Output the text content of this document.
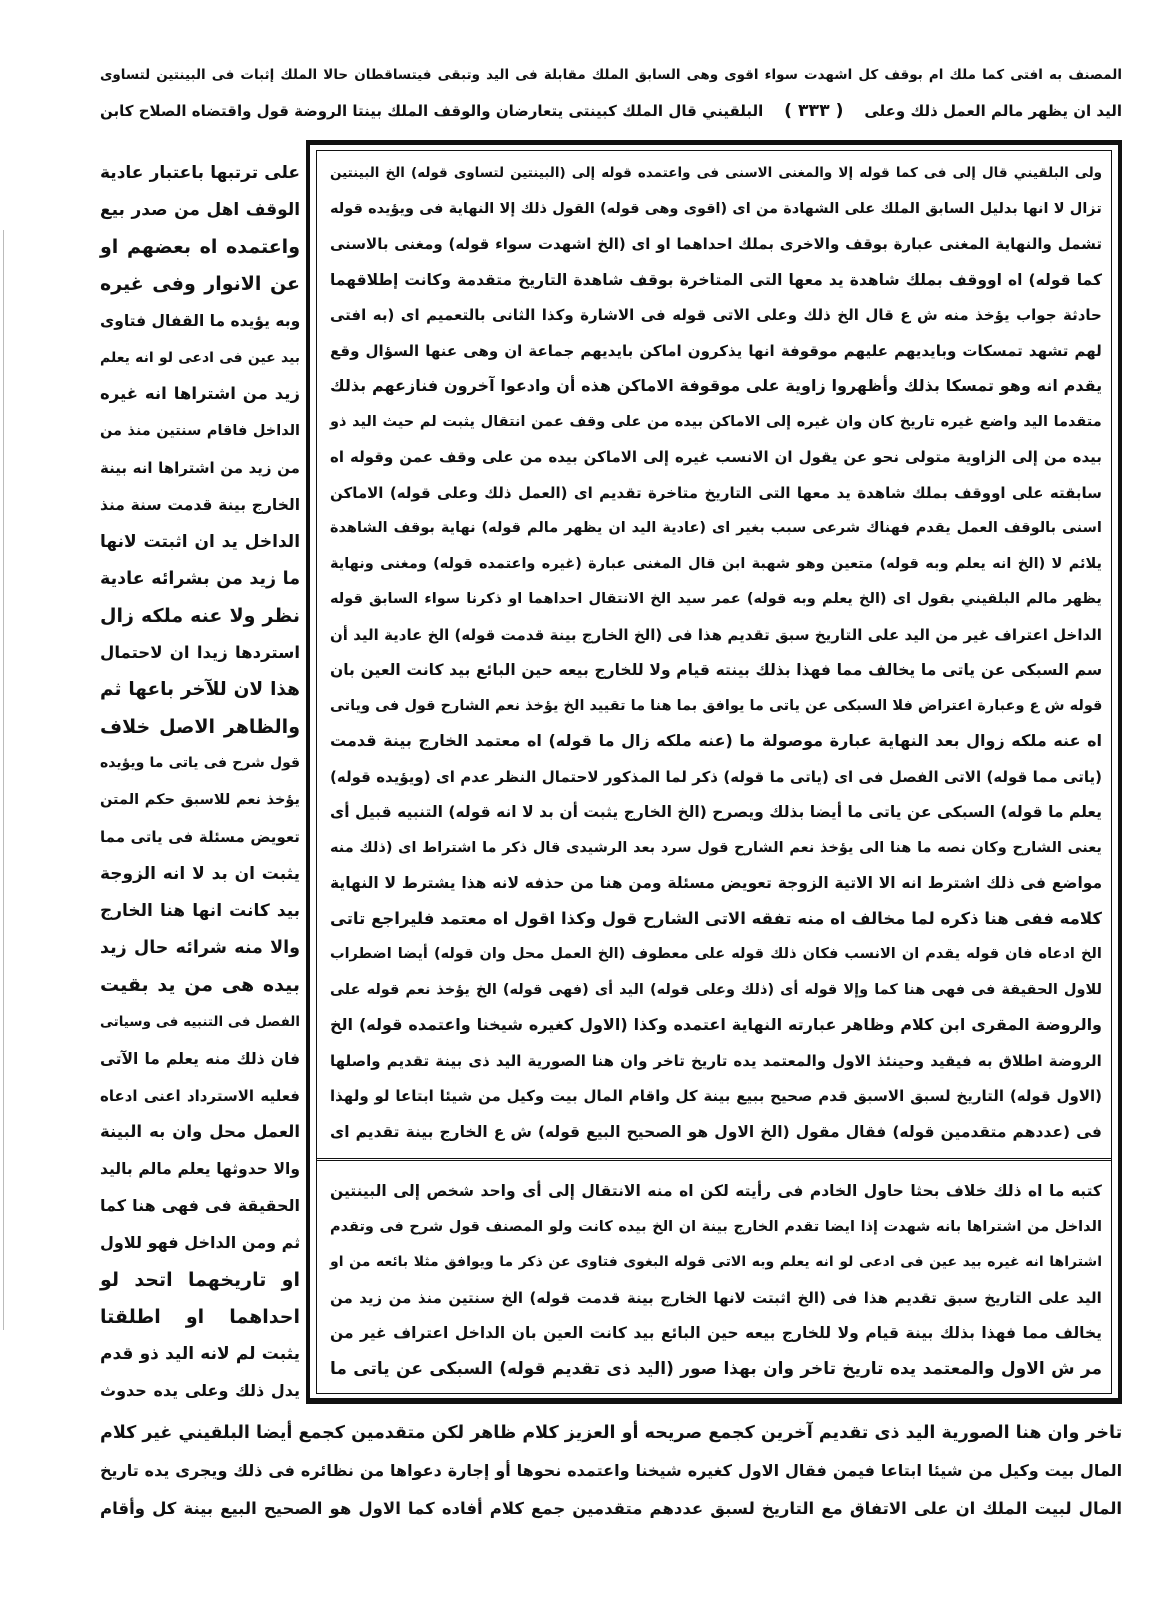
لتساوى‎ ‎البينتين‎ ‎فى‎ ‎إثبات‎ ‎الملك‎ ‎حالا‎ ‎فيتساقطان‎ ‎وتبقى‎ ‎اليد‎ ‎فى‎ ‎مقابلة‎ ‎الملك‎ ‎السابق‎ ‎وهى‎ ‎اقوى‎ ‎سواء‎ ‎اشهدت‎ ‎كل‎ ‎بوقف‎ ‎ام‎ ‎ملك‎ ‎كما‎ ‎افتى‎ ‎به‎ ‎المصنف
كابن‎ ‎الصلاح‎ ‎واقتضاه‎ ‎قول‎ ‎الروضة‎ ‎بينتا‎ ‎الملك‎ ‎والوقف‎ ‎يتعارضان‎ ‎كبينتى‎ ‎الملك‎ ‎قال‎ ‎البلقيني	( ٣٣٣ )	وعلى‎ ‎ذلك‎ ‎العمل‎ ‎مالم‎ ‎يظهر‎ ‎ان‎ ‎اليد
عادية‎ ‎باعتبار‎ ‎ترتبها‎ ‎على
بيع‎ ‎صدر‎ ‎من‎ ‎اهل‎ ‎الوقف
او‎ ‎بعضهم‎ ‎اه‎ ‎واعتمده
غيره‎ ‎وفى‎ ‎الانوار‎ ‎عن
فتاوى‎ ‎القفال‎ ‎ما‎ ‎يؤيده‎ ‎وبه
يعلم‎ ‎انه‎ ‎لو‎ ‎ادعى‎ ‎فى‎ ‎عين‎ ‎بيد
غيره‎ ‎انه‎ ‎اشتراها‎ ‎من‎ ‎زيد
من‎ ‎منذ‎ ‎سنتين‎ ‎فاقام‎ ‎الداخل
بينة‎ ‎انه‎ ‎اشتراها‎ ‎من‎ ‎زيد‎ ‎من
منذ‎ ‎سنة‎ ‎قدمت‎ ‎بينة‎ ‎الخارج
لانها‎ ‎اثبتت‎ ‎ان‎ ‎يد‎ ‎الداخل
عادية‎ ‎بشرائه‎ ‎من‎ ‎زيد‎ ‎ما
زال‎ ‎ملكه‎ ‎عنه‎ ‎ولا‎ ‎نظر
لاحتمال‎ ‎ان‎ ‎زيدا‎ ‎استردها
ثم‎ ‎باعها‎ ‎للآخر‎ ‎لان‎ ‎هذا
خلاف‎ ‎الاصل‎ ‎والظاهر
ويؤيده‎ ‎ما‎ ‎ياتى‎ ‎فى‎ ‎شرح‎ ‎قول
المتن‎ ‎حكم‎ ‎للاسبق‎ ‎نعم‎ ‎يؤخذ
مما‎ ‎ياتى‎ ‎فى‎ ‎مسئلة‎ ‎تعويض
الزوجة‎ ‎انه‎ ‎لا‎ ‎بد‎ ‎ان‎ ‎يثبت
الخارج‎ ‎هنا‎ ‎انها‎ ‎كانت‎ ‎بيد
زيد‎ ‎حال‎ ‎شرائه‎ ‎منه‎ ‎والا
بقيت‎ ‎يد‎ ‎من‎ ‎هى‎ ‎بيده
وسياتى‎ ‎فى‎ ‎التنبيه‎ ‎فى‎ ‎الفصل
الآتى‎ ‎ما‎ ‎يعلم‎ ‎منه‎ ‎ذلك‎ ‎فان
ادعاه‎ ‎اعنى‎ ‎الاسترداد‎ ‎فعليه
البينة‎ ‎به‎ ‎وان‎ ‎محل‎ ‎العمل
باليد‎ ‎مالم‎ ‎يعلم‎ ‎حدوثها‎ ‎والا
كما‎ ‎هنا‎ ‎فهى‎ ‎فى‎ ‎الحقيقة
للاول‎ ‎فهو‎ ‎الداخل‎ ‎ومن‎ ‎ثم
لو‎ ‎اتحد‎ ‎تاريخهما‎ ‎او
اطلقتا‎ ‎او‎ ‎احداهما
قدم‎ ‎ذو‎ ‎اليد‎ ‎لانه‎ ‎لم‎ ‎يثبت
حدوث‎ ‎يده‎ ‎وعلى‎ ‎ذلك‎ ‎يدل
البينتين‎ ‎الخ‎ ‎(قوله‎ ‎لتساوى‎ ‎البينتين)‎ ‎إلى‎ ‎قوله‎ ‎واعتمده‎ ‎فى‎ ‎الاسنى‎ ‎والمغنى‎ ‎إلا‎ ‎قوله‎ ‎كما‎ ‎فى‎ ‎إلى‎ ‎قال‎ ‎البلقيني‎ ‎ولى
قوله‎ ‎ويؤيده‎ ‎فى‎ ‎النهاية‎ ‎إلا‎ ‎ذلك‎ ‎القول‎ ‎(قوله‎ ‎وهى‎ ‎اقوى)‎ ‎اى‎ ‎من‎ ‎الشهادة‎ ‎على‎ ‎الملك‎ ‎السابق‎ ‎بدليل‎ ‎انها‎ ‎لا‎ ‎تزال
بالاسنى‎ ‎ومغنى‎ ‎(قوله‎ ‎سواء‎ ‎اشهدت‎ ‎الخ)‎ ‎اى‎ ‎او‎ ‎احداهما‎ ‎بملك‎ ‎والاخرى‎ ‎بوقف‎ ‎عبارة‎ ‎المغنى‎ ‎والنهاية‎ ‎تشمل
إطلاقهما‎ ‎وكانت‎ ‎متقدمة‎ ‎التاريخ‎ ‎شاهدة‎ ‎بوقف‎ ‎المتاخرة‎ ‎التى‎ ‎معها‎ ‎يد‎ ‎شاهدة‎ ‎بملك‎ ‎اووقف‎ ‎اه‎ ‎(قوله‎ ‎كما
افتى‎ ‎به)‎ ‎اى‎ ‎بالتعميم‎ ‎الثانى‎ ‎وكذا‎ ‎الاشارة‎ ‎فى‎ ‎قوله‎ ‎الاتى‎ ‎وعلى‎ ‎ذلك‎ ‎الخ‎ ‎قال‎ ‎ع‎ ‎ش‎ ‎منه‎ ‎يؤخذ‎ ‎جواب‎ ‎حادثة
وقع‎ ‎السؤال‎ ‎عنها‎ ‎وهى‎ ‎ان‎ ‎جماعة‎ ‎بايديهم‎ ‎اماكن‎ ‎يذكرون‎ ‎انها‎ ‎موقوفة‎ ‎عليهم‎ ‎وبايديهم‎ ‎تمسكات‎ ‎تشهد‎ ‎لهم
بذلك‎ ‎فنازعهم‎ ‎آخرون‎ ‎وادعوا‎ ‎أن‎ ‎هذه‎ ‎الاماكن‎ ‎موقوفة‎ ‎على‎ ‎زاوية‎ ‎وأظهروا‎ ‎بذلك‎ ‎تمسكا‎ ‎وهو‎ ‎انه‎ ‎يقدم
ذو‎ ‎اليد‎ ‎حيث‎ ‎لم‎ ‎يثبت‎ ‎انتقال‎ ‎عمن‎ ‎وقف‎ ‎على‎ ‎من‎ ‎بيده‎ ‎الاماكن‎ ‎إلى‎ ‎غيره‎ ‎وان‎ ‎كان‎ ‎تاريخ‎ ‎غيره‎ ‎واضع‎ ‎اليد‎ ‎متقدما
اه‎ ‎وقوله‎ ‎عمن‎ ‎وقف‎ ‎على‎ ‎من‎ ‎بيده‎ ‎الاماكن‎ ‎إلى‎ ‎غيره‎ ‎الانسب‎ ‎ان‎ ‎يقول‎ ‎عن‎ ‎نحو‎ ‎متولى‎ ‎الزاوية‎ ‎إلى‎ ‎من‎ ‎بيده
الاماكن‎ ‎(قوله‎ ‎وعلى‎ ‎ذلك‎ ‎العمل)‎ ‎اى‎ ‎تقديم‎ ‎متاخرة‎ ‎التاريخ‎ ‎التى‎ ‎معها‎ ‎يد‎ ‎شاهدة‎ ‎بملك‎ ‎اووقف‎ ‎على‎ ‎سابقته
الشاهدة‎ ‎بوقف‎ ‎نهاية‎ ‎(قوله‎ ‎مالم‎ ‎يظهر‎ ‎ان‎ ‎اليد‎ ‎عادية)‎ ‎اى‎ ‎بغير‎ ‎سبب‎ ‎شرعى‎ ‎فهناك‎ ‎يقدم‎ ‎العمل‎ ‎بالوقف‎ ‎اسنى
ونهاية‎ ‎ومغنى‎ ‎(قوله‎ ‎واعتمده‎ ‎غيره)‎ ‎عبارة‎ ‎المغنى‎ ‎قال‎ ‎ابن‎ ‎شهبة‎ ‎وهو‎ ‎متعين‎ ‎(قوله‎ ‎وبه‎ ‎يعلم‎ ‎انه‎ ‎الخ)‎ ‎لا‎ ‎يلائم
قوله‎ ‎السابق‎ ‎سواء‎ ‎ذكرنا‎ ‎او‎ ‎احداهما‎ ‎الانتقال‎ ‎الخ‎ ‎سيد‎ ‎عمر‎ ‎(قوله‎ ‎وبه‎ ‎يعلم‎ ‎الخ)‎ ‎اى‎ ‎بقول‎ ‎البلقيني‎ ‎مالم‎ ‎يظهر
أن‎ ‎اليد‎ ‎عادية‎ ‎الخ‎ ‎(قوله‎ ‎قدمت‎ ‎بينة‎ ‎الخارج‎ ‎الخ)‎ ‎فى‎ ‎هذا‎ ‎تقديم‎ ‎سبق‎ ‎التاريخ‎ ‎على‎ ‎اليد‎ ‎من‎ ‎غير‎ ‎اعتراف‎ ‎الداخل
بان‎ ‎العين‎ ‎كانت‎ ‎بيد‎ ‎البائع‎ ‎حين‎ ‎بيعه‎ ‎للخارج‎ ‎ولا‎ ‎قيام‎ ‎بينته‎ ‎بذلك‎ ‎فهذا‎ ‎مما‎ ‎يخالف‎ ‎ما‎ ‎ياتى‎ ‎عن‎ ‎السبكى‎ ‎سم
وياتى‎ ‎فى‎ ‎قول‎ ‎الشارح‎ ‎نعم‎ ‎يؤخذ‎ ‎الخ‎ ‎تقييد‎ ‎ما‎ ‎هنا‎ ‎بما‎ ‎يوافق‎ ‎ما‎ ‎ياتى‎ ‎عن‎ ‎السبكى‎ ‎فلا‎ ‎اعتراض‎ ‎وعبارة‎ ‎ع‎ ‎ش‎ ‎قوله
قدمت‎ ‎بينة‎ ‎الخارج‎ ‎معتمد‎ ‎اه‎ ‎(قوله‎ ‎ما‎ ‎زال‎ ‎ملكه‎ ‎عنه)‎ ‎ما‎ ‎موصولة‎ ‎عبارة‎ ‎النهاية‎ ‎بعد‎ ‎زوال‎ ‎ملكه‎ ‎عنه‎ ‎اه
(قوله‎ ‎ويؤيده)‎ ‎اى‎ ‎عدم‎ ‎النظر‎ ‎لاحتمال‎ ‎المذكور‎ ‎لما‎ ‎ذكر‎ ‎(قوله‎ ‎ما‎ ‎ياتى)‎ ‎اى‎ ‎فى‎ ‎الفصل‎ ‎الاتى‎ ‎(قوله‎ ‎مما‎ ‎ياتى)
أى‎ ‎قبيل‎ ‎التنبيه‎ ‎(قوله‎ ‎انه‎ ‎لا‎ ‎بد‎ ‎أن‎ ‎يثبت‎ ‎الخارج‎ ‎الخ)‎ ‎ويصرح‎ ‎بذلك‎ ‎أيضا‎ ‎ما‎ ‎ياتى‎ ‎عن‎ ‎السبكى‎ ‎(قوله‎ ‎ما‎ ‎يعلم
منه‎ ‎ذلك)‎ ‎اى‎ ‎اشتراط‎ ‎ما‎ ‎ذكر‎ ‎قال‎ ‎الرشيدى‎ ‎بعد‎ ‎سرد‎ ‎قول‎ ‎الشارح‎ ‎نعم‎ ‎يؤخذ‎ ‎الى‎ ‎هنا‎ ‎ما‎ ‎نصه‎ ‎وكان‎ ‎الشارح‎ ‎يعنى
النهاية‎ ‎لا‎ ‎يشترط‎ ‎هذا‎ ‎لانه‎ ‎حذفه‎ ‎من‎ ‎هنا‎ ‎ومن‎ ‎مسئلة‎ ‎تعويض‎ ‎الزوجة‎ ‎الاتية‎ ‎الا‎ ‎انه‎ ‎اشترط‎ ‎ذلك‎ ‎فى‎ ‎مواضع
تاتى‎ ‎فليراجع‎ ‎معتمد‎ ‎اه‎ ‎اقول‎ ‎وكذا‎ ‎قول‎ ‎الشارح‎ ‎الاتى‎ ‎تفقه‎ ‎منه‎ ‎اه‎ ‎مخالف‎ ‎لما‎ ‎ذكره‎ ‎هنا‎ ‎ففى‎ ‎كلامه
اضطراب‎ ‎أيضا‎ ‎(قوله‎ ‎وان‎ ‎محل‎ ‎العمل‎ ‎الخ)‎ ‎معطوف‎ ‎على‎ ‎قوله‎ ‎ذلك‎ ‎فكان‎ ‎الانسب‎ ‎ان‎ ‎يقدم‎ ‎قوله‎ ‎فان‎ ‎ادعاه‎ ‎الخ
على‎ ‎قوله‎ ‎نعم‎ ‎يؤخذ‎ ‎الخ‎ ‎(قوله‎ ‎فهى)‎ ‎أى‎ ‎اليد‎ ‎(قوله‎ ‎وعلى‎ ‎ذلك)‎ ‎أى‎ ‎قوله‎ ‎وإلا‎ ‎كما‎ ‎هنا‎ ‎فهى‎ ‎فى‎ ‎الحقيقة‎ ‎للاول
الخ‎ ‎(قوله‎ ‎واعتمده‎ ‎شيخنا‎ ‎كغيره‎ ‎الاول)‎ ‎وكذا‎ ‎اعتمده‎ ‎النهاية‎ ‎عبارته‎ ‎وظاهر‎ ‎كلام‎ ‎ابن‎ ‎المقرى‎ ‎والروضة
واصلها‎ ‎تقديم‎ ‎بينة‎ ‎ذى‎ ‎اليد‎ ‎الصورية‎ ‎هنا‎ ‎وان‎ ‎تاخر‎ ‎تاريخ‎ ‎يده‎ ‎والمعتمد‎ ‎الاول‎ ‎وحينئذ‎ ‎فيقيد‎ ‎به‎ ‎اطلاق‎ ‎الروضة
ولهذا‎ ‎لو‎ ‎ابتاعا‎ ‎شيئا‎ ‎من‎ ‎وكيل‎ ‎بيت‎ ‎المال‎ ‎واقام‎ ‎كل‎ ‎بينة‎ ‎ببيع‎ ‎صحيح‎ ‎قدم‎ ‎الاسبق‎ ‎لسبق‎ ‎التاريخ‎ ‎(قوله‎ ‎الاول)
اى‎ ‎تقديم‎ ‎بينة‎ ‎الخارج‎ ‎ع‎ ‎ش‎ ‎(قوله‎ ‎البيع‎ ‎الصحيح‎ ‎هو‎ ‎الاول‎ ‎الخ)‎ ‎مقول‎ ‎فقال‎ ‎(قوله‎ ‎متقدمين‎ ‎عددهم)‎ ‎فى
البينتين‎ ‎إلى‎ ‎شخص‎ ‎واحد‎ ‎أى‎ ‎إلى‎ ‎الانتقال‎ ‎منه‎ ‎اه‎ ‎لكن‎ ‎رأيته‎ ‎فى‎ ‎الخادم‎ ‎حاول‎ ‎بحثا‎ ‎خلاف‎ ‎ذلك‎ ‎اه‎ ‎ما‎ ‎كتبه
وتقدم‎ ‎فى‎ ‎شرح‎ ‎قول‎ ‎المصنف‎ ‎ولو‎ ‎كانت‎ ‎بيده‎ ‎الخ‎ ‎ان‎ ‎بينة‎ ‎الخارج‎ ‎تقدم‎ ‎ايضا‎ ‎إذا‎ ‎شهدت‎ ‎بانه‎ ‎اشتراها‎ ‎من‎ ‎الداخل
او‎ ‎من‎ ‎بائعه‎ ‎مثلا‎ ‎ويوافق‎ ‎ما‎ ‎ذكر‎ ‎عن‎ ‎فتاوى‎ ‎البغوى‎ ‎قوله‎ ‎الاتى‎ ‎وبه‎ ‎يعلم‎ ‎انه‎ ‎لو‎ ‎ادعى‎ ‎فى‎ ‎عين‎ ‎بيد‎ ‎غيره‎ ‎انه‎ ‎اشتراها
من‎ ‎زيد‎ ‎من‎ ‎منذ‎ ‎سنتين‎ ‎الخ‎ ‎(قوله‎ ‎قدمت‎ ‎بينة‎ ‎الخارج‎ ‎لانها‎ ‎اثبتت‎ ‎الخ)‎ ‎فى‎ ‎هذا‎ ‎تقديم‎ ‎سبق‎ ‎التاريخ‎ ‎على‎ ‎اليد
من‎ ‎غير‎ ‎اعتراف‎ ‎الداخل‎ ‎بان‎ ‎العين‎ ‎كانت‎ ‎بيد‎ ‎البائع‎ ‎حين‎ ‎بيعه‎ ‎للخارج‎ ‎ولا‎ ‎قيام‎ ‎بينة‎ ‎بذلك‎ ‎فهذا‎ ‎مما‎ ‎يخالف
ما‎ ‎ياتى‎ ‎عن‎ ‎السبكى‎ ‎(قوله‎ ‎تقديم‎ ‎ذى‎ ‎اليد)‎ ‎صور‎ ‎بهذا‎ ‎وان‎ ‎تاخر‎ ‎تاريخ‎ ‎يده‎ ‎والمعتمد‎ ‎الاول‎ ‎ش‎ ‎مر
كلام‎ ‎غير‎ ‎البلقيني‎ ‎أيضا‎ ‎كجمع‎ ‎متقدمين‎ ‎لكن‎ ‎ظاهر‎ ‎كلام‎ ‎العزيز‎ ‎أو‎ ‎صريحه‎ ‎كجمع‎ ‎آخرين‎ ‎تقديم‎ ‎ذى‎ ‎اليد‎ ‎الصورية‎ ‎هنا‎ ‎وان‎ ‎تاخر
تاريخ‎ ‎يده‎ ‎ويجرى‎ ‎ذلك‎ ‎فى‎ ‎نظائره‎ ‎من‎ ‎دعواها‎ ‎إجارة‎ ‎أو‎ ‎نحوها‎ ‎واعتمده‎ ‎شيخنا‎ ‎كغيره‎ ‎الاول‎ ‎فقال‎ ‎فيمن‎ ‎ابتاعا‎ ‎شيئا‎ ‎من‎ ‎وكيل‎ ‎بيت‎ ‎المال
وأقام‎ ‎كل‎ ‎بينة‎ ‎البيع‎ ‎الصحيح‎ ‎هو‎ ‎الاول‎ ‎كما‎ ‎أفاده‎ ‎كلام‎ ‎جمع‎ ‎متقدمين‎ ‎عددهم‎ ‎لسبق‎ ‎التاريخ‎ ‎مع‎ ‎الاتفاق‎ ‎على‎ ‎ان‎ ‎الملك‎ ‎لبيت‎ ‎المال
